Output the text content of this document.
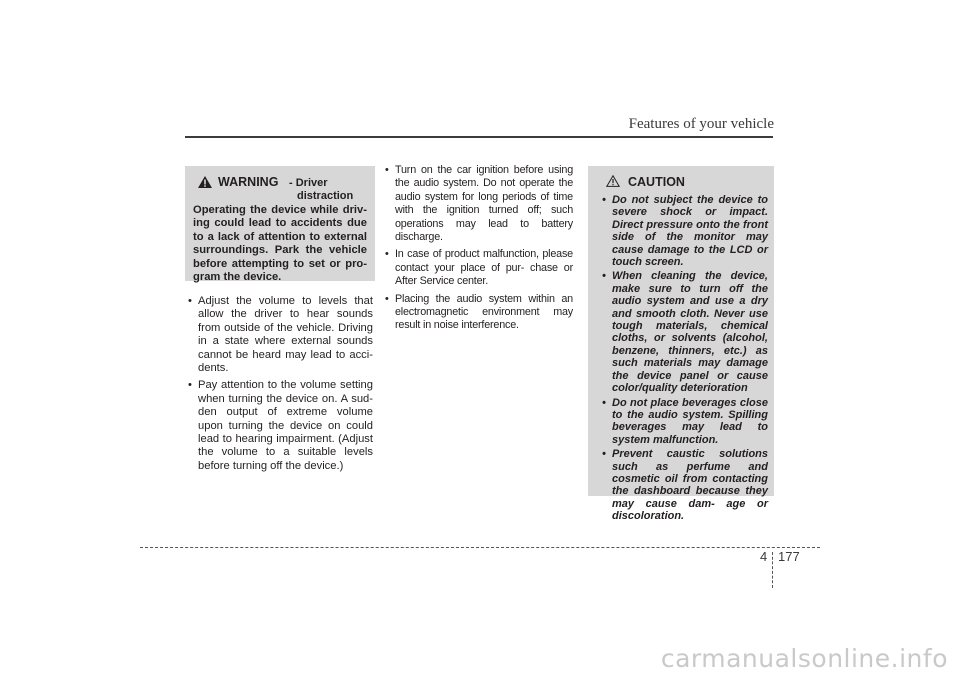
Features of your vehicle
WARNING - Driver
distraction
Operating the device while driv- ing could lead to accidents due to a lack of attention to external surroundings. Park the vehicle before attempting to set or pro- gram the device.
• Adjust the volume to levels that allow the driver to hear sounds from outside of the vehicle. Driving in a state where external sounds cannot be heard may lead to acci- dents.
• Pay attention to the volume setting when turning the device on. A sud- den output of extreme volume upon turning the device on could lead to hearing impairment. (Adjust the volume to a suitable levels before turning off the device.)
• Turn on the car ignition before using the audio system. Do not operate the audio system for long periods of time with the ignition turned off; such operations may lead to battery discharge.
• In case of product malfunction, please contact your place of pur- chase or After Service center.
• Placing the audio system within an electromagnetic environment may result in noise interference.
CAUTION
• Do not subject the device to severe shock or impact. Direct pressure onto the front side of the monitor may cause damage to the LCD or touch screen.
• When cleaning the device, make sure to turn off the audio system and use a dry and smooth cloth. Never use tough materials, chemical cloths, or solvents (alcohol, benzene, thinners, etc.) as such materials may damage the device panel or cause color/quality deterioration
• Do not place beverages close to the audio system. Spilling beverages may lead to system malfunction.
• Prevent caustic solutions such as perfume and cosmetic oil from contacting the dashboard because they may cause dam- age or discoloration.
4 177
carmanualsonline.info
